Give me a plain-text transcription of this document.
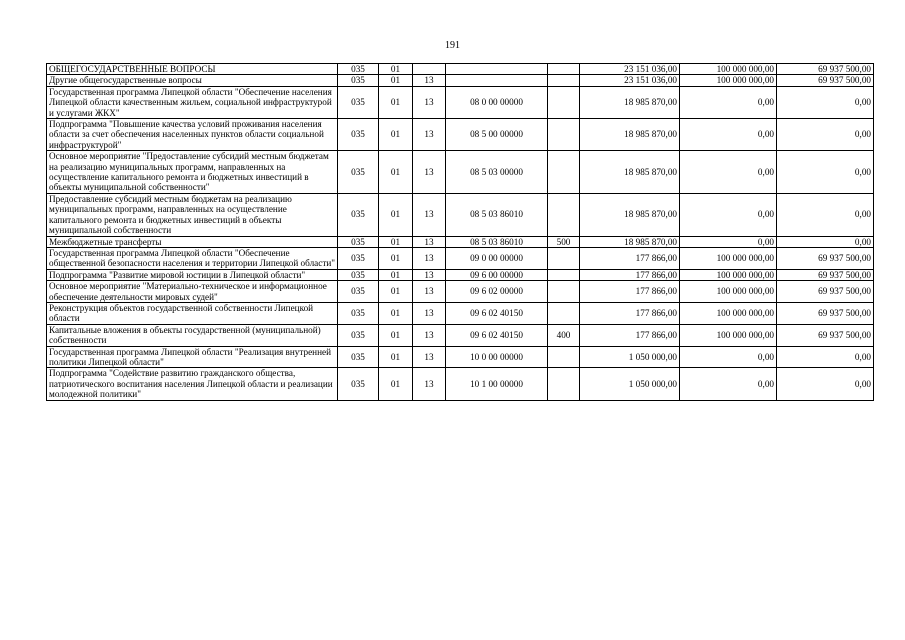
191
ОБЩЕГОСУДАРСТВЕННЫЕ ВОПРОСЫ	035	01				23 151 036,00	100 000 000,00	69 937 500,00
Другие общегосударственные вопросы	035	01	13			23 151 036,00	100 000 000,00	69 937 500,00
Государственная программа Липецкой области "Обеспечение населения Липецкой области качественным жильем, социальной инфраструктурой и услугами ЖКХ"	035	01	13	08 0 00 00000		18 985 870,00	0,00	0,00
Подпрограмма "Повышение качества условий проживания населения области за счет обеспечения населенных пунктов области социальной инфраструктурой"	035	01	13	08 5 00 00000		18 985 870,00	0,00	0,00
Основное мероприятие "Предоставление субсидий местным бюджетам на реализацию муниципальных программ, направленных на осуществление капитального ремонта и бюджетных инвестиций в объекты муниципальной собственности"	035	01	13	08 5 03 00000		18 985 870,00	0,00	0,00
Предоставление субсидий местным бюджетам на реализацию муниципальных программ, направленных на осуществление капитального ремонта и бюджетных инвестиций в объекты муниципальной собственности	035	01	13	08 5 03 86010		18 985 870,00	0,00	0,00
Межбюджетные трансферты	035	01	13	08 5 03 86010	500	18 985 870,00	0,00	0,00
Государственная программа Липецкой области "Обеспечение общественной безопасности населения и территории Липецкой области"	035	01	13	09 0 00 00000		177 866,00	100 000 000,00	69 937 500,00
Подпрограмма "Развитие мировой юстиции в Липецкой области"	035	01	13	09 6 00 00000		177 866,00	100 000 000,00	69 937 500,00
Основное мероприятие "Материально-техническое и информационное обеспечение деятельности мировых судей"	035	01	13	09 6 02 00000		177 866,00	100 000 000,00	69 937 500,00
Реконструкция объектов государственной собственности Липецкой области	035	01	13	09 6 02 40150		177 866,00	100 000 000,00	69 937 500,00
Капитальные вложения в объекты государственной (муниципальной) собственности	035	01	13	09 6 02 40150	400	177 866,00	100 000 000,00	69 937 500,00
Государственная программа Липецкой области "Реализация внутренней политики Липецкой области"	035	01	13	10 0 00 00000		1 050 000,00	0,00	0,00
Подпрограмма "Содействие развитию гражданского общества, патриотического воспитания населения Липецкой области и реализации молодежной политики"	035	01	13	10 1 00 00000		1 050 000,00	0,00	0,00
